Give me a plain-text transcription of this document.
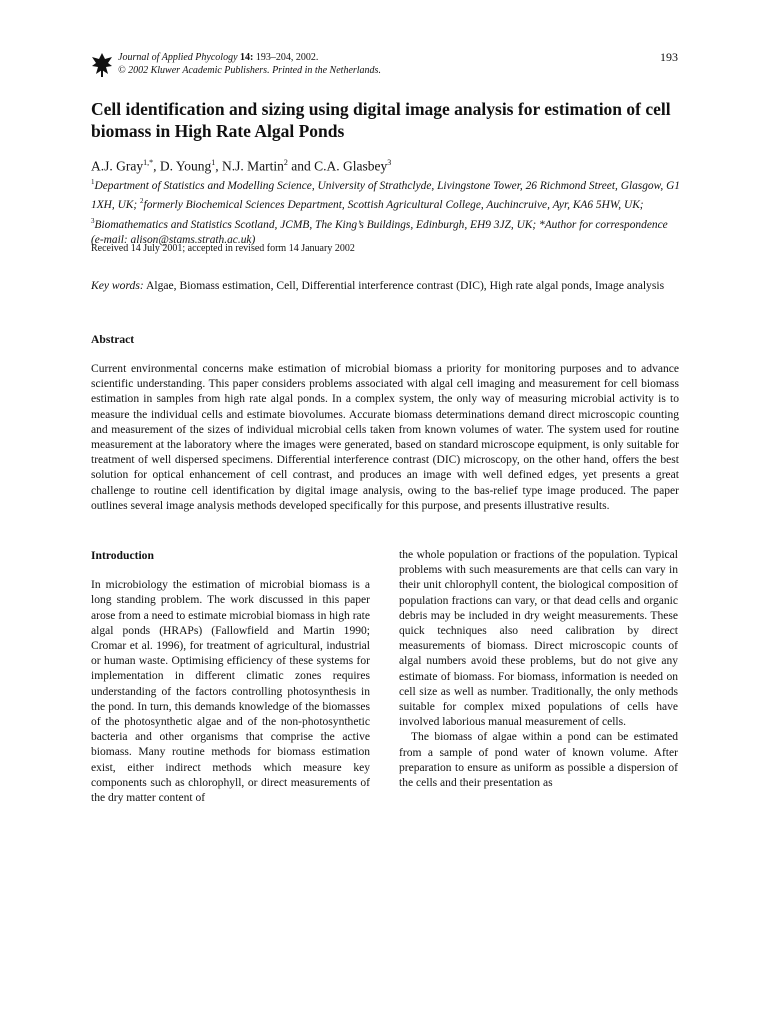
Journal of Applied Phycology 14: 193–204, 2002.
© 2002 Kluwer Academic Publishers. Printed in the Netherlands.
193
Cell identification and sizing using digital image analysis for estimation of cell biomass in High Rate Algal Ponds
A.J. Gray$^{1,*}$, D. Young$^1$, N.J. Martin$^2$ and C.A. Glasbey$^3$
$^1$Department of Statistics and Modelling Science, University of Strathclyde, Livingstone Tower, 26 Richmond Street, Glasgow, G1 1XH, UK; $^2$formerly Biochemical Sciences Department, Scottish Agricultural College, Auchincruive, Ayr, KA6 5HW, UK; $^3$Biomathematics and Statistics Scotland, JCMB, The King’s Buildings, Edinburgh, EH9 3JZ, UK; *Author for correspondence (e-mail: alison@stams.strath.ac.uk)
Received 14 July 2001; accepted in revised form 14 January 2002
Key words: Algae, Biomass estimation, Cell, Differential interference contrast (DIC), High rate algal ponds, Image analysis
Abstract

Current environmental concerns make estimation of microbial biomass a priority for monitoring purposes and to advance scientific understanding. This paper considers problems associated with algal cell imaging and measurement for cell biomass estimation in samples from high rate algal ponds. In a complex system, the only way of measuring microbial activity is to measure the individual cells and estimate biovolumes. Accurate biomass determinations demand direct microscopic counting and measurement of the sizes of individual microbial cells taken from known volumes of water. The system used for routine measurement at the laboratory where the images were generated, based on standard microscope equipment, is only suitable for treatment of well dispersed specimens. Differential interference contrast (DIC) microscopy, on the other hand, offers the best solution for optical enhancement of cell contrast, and produces an image with well defined edges, yet presents a great challenge to routine cell identification by digital image analysis, owing to the bas-relief type image produced. The paper outlines several image analysis methods developed specifically for this purpose, and presents illustrative results.

Introduction

In microbiology the estimation of microbial biomass is a long standing problem. The work discussed in this paper arose from a need to estimate microbial biomass in high rate algal ponds (HRAPs) (Fallowfield and Martin 1990; Cromar et al. 1996), for treatment of agricultural, industrial or human waste. Optimising efficiency of these systems for implementation in different climatic zones requires understanding of the factors controlling photosynthesis in the pond. In turn, this demands knowledge of the biomasses of the photosynthetic algae and of the non-photosynthetic bacteria and other organisms that comprise the active biomass. Many routine methods for biomass estimation exist, either indirect methods which measure key components such as chlorophyll, or direct measurements of the dry matter content of

the whole population or fractions of the population. Typical problems with such measurements are that cells can vary in their unit chlorophyll content, the biological composition of population fractions can vary, or that dead cells and organic debris may be included in dry weight measurements. These quick techniques also need calibration by direct measurements of biomass. Direct microscopic counts of algal numbers avoid these problems, but do not give any estimate of biomass. For biomass, information is needed on cell size as well as number. Traditionally, the only methods suitable for complex mixed populations of cells have involved laborious manual measurement of cells.

The biomass of algae within a pond can be estimated from a sample of pond water of known volume. After preparation to ensure as uniform as possible a dispersion of the cells and their presentation as
